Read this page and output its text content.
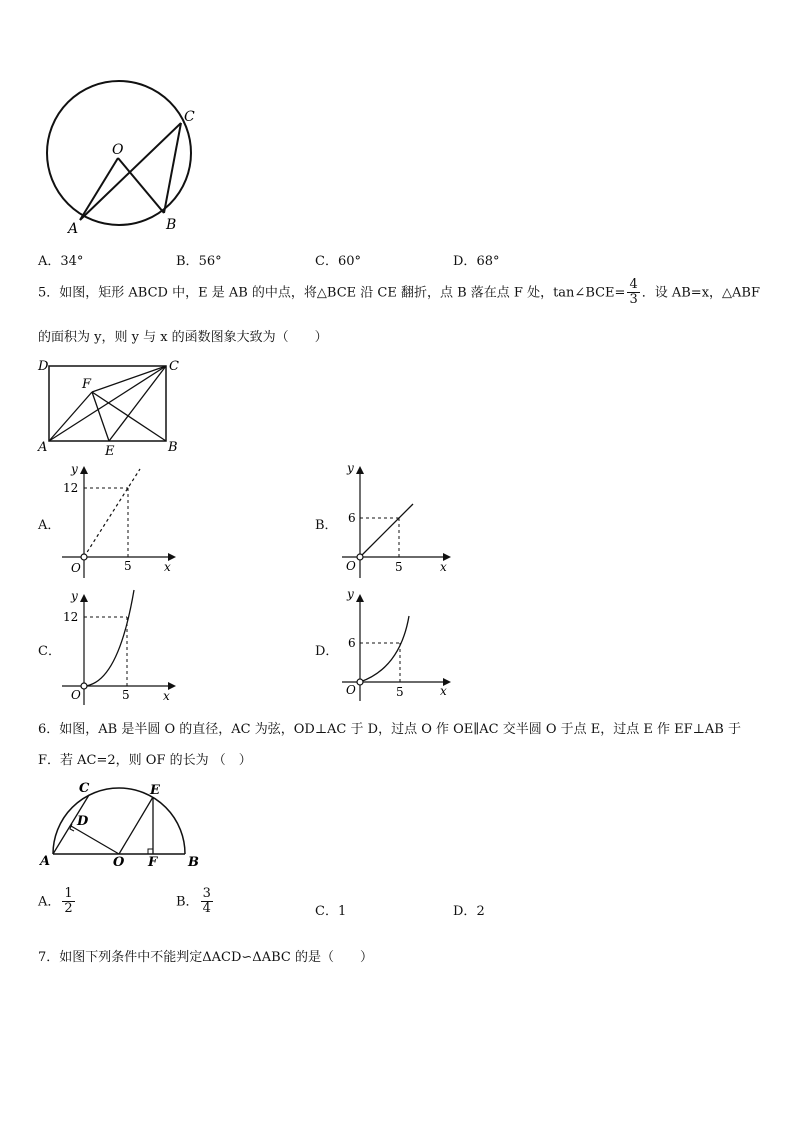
O
C
A	B
A．34°	B．56°	C．60°	D．68°
5．如图，矩形 ABCD 中，E 是 AB 的中点，将△BCE 沿 CE 翻折，点 B 落在点 F 处，tan∠BCE= $\frac{4}{3}$ ．设 AB=x，△ABF
的面积为 y，则 y 与 x 的函数图象大致为（　　）
D	C
F
A	E	B
A．
y
12
O	5	x
B．
y
6
O	5	x
C．
y
12
O	5	x
D．
y
6
O	5	x
6．如图，AB 是半圆 O 的直径，AC 为弦，OD⊥AC 于 D，过点 O 作 OE∥AC 交半圆 O 于点 E，过点 E 作 EF⊥AB 于
F．若 AC=2，则 OF 的长为 （　）
C	E
D
A	O F B
A． $\frac{1}{2}$	B． $\frac{3}{4}$	C．1	D．2
7．如图下列条件中不能判定ΔACD∽ΔABC 的是（　　）
